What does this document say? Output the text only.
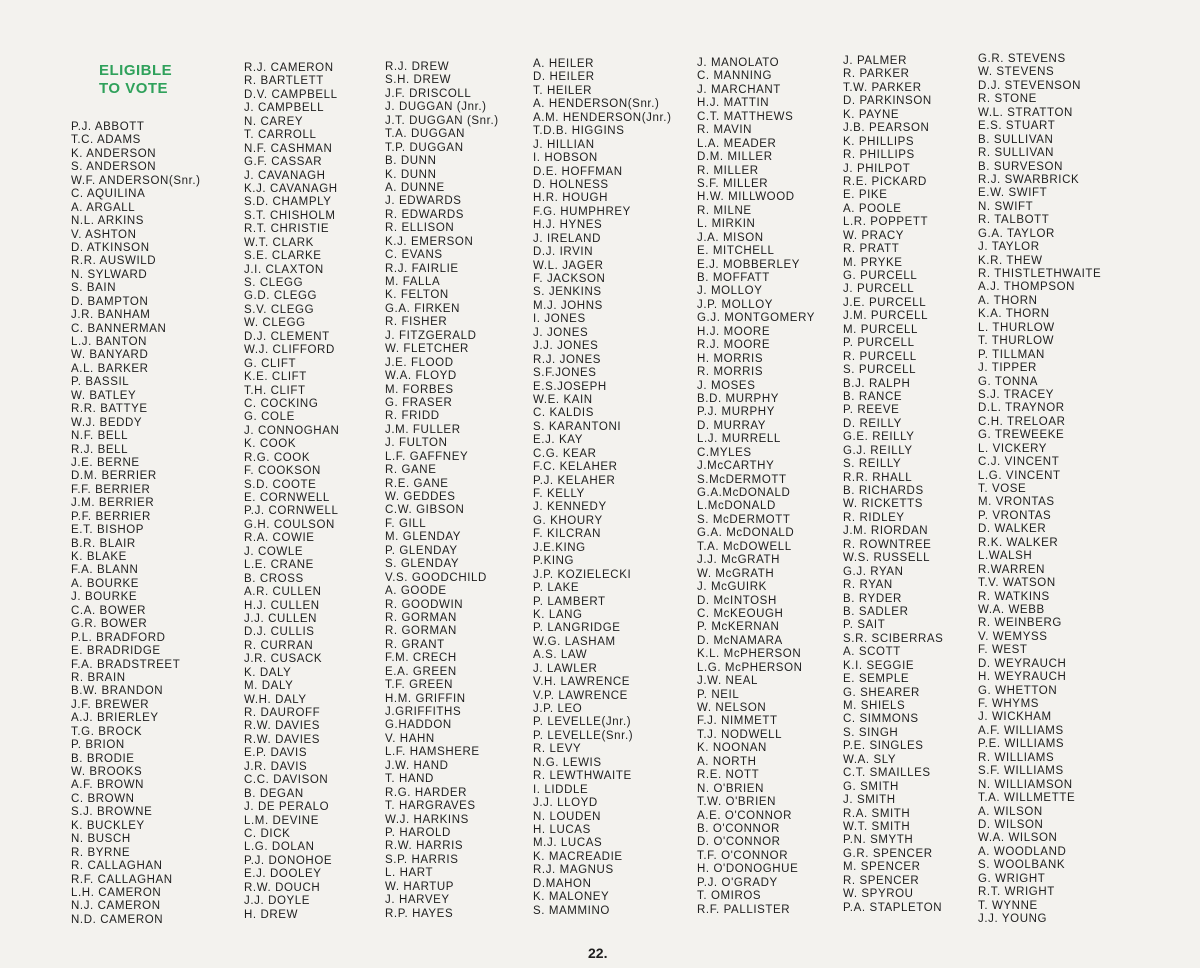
ELIGIBLE
TO VOTE
P.J. ABBOTT
T.C. ADAMS
K. ANDERSON
S. ANDERSON
W.F. ANDERSON(Snr.)
C. AQUILINA
A. ARGALL
N.L. ARKINS
V. ASHTON
D. ATKINSON
R.R. AUSWILD
N. SYLWARD
S. BAIN
D. BAMPTON
J.R. BANHAM
C. BANNERMAN
L.J. BANTON
W. BANYARD
A.L. BARKER
P. BASSIL
W. BATLEY
R.R. BATTYE
W.J. BEDDY
N.F. BELL
R.J. BELL
J.E. BERNE
D.M. BERRIER
F.F. BERRIER
J.M. BERRIER
P.F. BERRIER
E.T. BISHOP
B.R. BLAIR
K. BLAKE
F.A. BLANN
A. BOURKE
J. BOURKE
C.A. BOWER
G.R. BOWER
P.L. BRADFORD
E. BRADRIDGE
F.A. BRADSTREET
R. BRAIN
B.W. BRANDON
J.F. BREWER
A.J. BRIERLEY
T.G. BROCK
P. BRION
B. BRODIE
W. BROOKS
A.F. BROWN
C. BROWN
S.J. BROWNE
K. BUCKLEY
N. BUSCH
R. BYRNE
R. CALLAGHAN
R.F. CALLAGHAN
L.H. CAMERON
N.J. CAMERON
N.D. CAMERON
R.J. CAMERON
R. BARTLETT
D.V. CAMPBELL
J. CAMPBELL
N. CAREY
T. CARROLL
N.F. CASHMAN
G.F. CASSAR
J. CAVANAGH
K.J. CAVANAGH
S.D. CHAMPLY
S.T. CHISHOLM
R.T. CHRISTIE
W.T. CLARK
S.E. CLARKE
J.I. CLAXTON
S. CLEGG
G.D. CLEGG
S.V. CLEGG
W. CLEGG
D.J. CLEMENT
W.J. CLIFFORD
G. CLIFT
K.E. CLIFT
T.H. CLIFT
C. COCKING
G. COLE
J. CONNOGHAN
K. COOK
R.G. COOK
F. COOKSON
S.D. COOTE
E. CORNWELL
P.J. CORNWELL
G.H. COULSON
R.A. COWIE
J. COWLE
L.E. CRANE
B. CROSS
A.R. CULLEN
H.J. CULLEN
J.J. CULLEN
D.J. CULLIS
R. CURRAN
J.R. CUSACK
K. DALY
M. DALY
W.H. DALY
R. DAUROFF
R.W. DAVIES
R.W. DAVIES
E.P. DAVIS
J.R. DAVIS
C.C. DAVISON
B. DEGAN
J. DE PERALO
L.M. DEVINE
C. DICK
L.G. DOLAN
P.J. DONOHOE
E.J. DOOLEY
R.W. DOUCH
J.J. DOYLE
H. DREW
R.J. DREW
S.H. DREW
J.F. DRISCOLL
J. DUGGAN (Jnr.)
J.T. DUGGAN (Snr.)
T.A. DUGGAN
T.P. DUGGAN
B. DUNN
K. DUNN
A. DUNNE
J. EDWARDS
R. EDWARDS
R. ELLISON
K.J. EMERSON
C. EVANS
R.J. FAIRLIE
M. FALLA
K. FELTON
G.A. FIRKEN
R. FISHER
J. FITZGERALD
W. FLETCHER
J.E. FLOOD
W.A. FLOYD
M. FORBES
G. FRASER
R. FRIDD
J.M. FULLER
J. FULTON
L.F. GAFFNEY
R. GANE
R.E. GANE
W. GEDDES
C.W. GIBSON
F. GILL
M. GLENDAY
P. GLENDAY
S. GLENDAY
V.S. GOODCHILD
A. GOODE
R. GOODWIN
R. GORMAN
R. GORMAN
R. GRANT
F.M. CRECH
E.A. GREEN
T.F. GREEN
H.M. GRIFFIN
J.GRIFFITHS
G.HADDON
V. HAHN
L.F. HAMSHERE
J.W. HAND
T. HAND
R.G. HARDER
T. HARGRAVES
W.J. HARKINS
P. HAROLD
R.W. HARRIS
S.P. HARRIS
L. HART
W. HARTUP
J. HARVEY
R.P. HAYES
A. HEILER
D. HEILER
T. HEILER
A. HENDERSON(Snr.)
A.M. HENDERSON(Jnr.)
T.D.B. HIGGINS
J. HILLIAN
I. HOBSON
D.E. HOFFMAN
D. HOLNESS
H.R. HOUGH
F.G. HUMPHREY
H.J. HYNES
J. IRELAND
D.J. IRVIN
W.L. JAGER
F. JACKSON
S. JENKINS
M.J. JOHNS
I. JONES
J. JONES
J.J. JONES
R.J. JONES
S.F.JONES
E.S.JOSEPH
W.E. KAIN
C. KALDIS
S. KARANTONI
E.J. KAY
C.G. KEAR
F.C. KELAHER
P.J. KELAHER
F. KELLY
J. KENNEDY
G. KHOURY
F. KILCRAN
J.E.KING
P.KING
J.P. KOZIELECKI
P. LAKE
P. LAMBERT
K. LANG
P. LANGRIDGE
W.G. LASHAM
A.S. LAW
J. LAWLER
V.H. LAWRENCE
V.P. LAWRENCE
J.P. LEO
P. LEVELLE(Jnr.)
P. LEVELLE(Snr.)
R. LEVY
N.G. LEWIS
R. LEWTHWAITE
I. LIDDLE
J.J. LLOYD
N. LOUDEN
H. LUCAS
M.J. LUCAS
K. MACREADIE
R.J. MAGNUS
D.MAHON
K. MALONEY
S. MAMMINO
J. MANOLATO
C. MANNING
J. MARCHANT
H.J. MATTIN
C.T. MATTHEWS
R. MAVIN
L.A. MEADER
D.M. MILLER
R. MILLER
S.F. MILLER
H.W. MILLWOOD
R. MILNE
L. MIRKIN
J.A. MISON
E. MITCHELL
E.J. MOBBERLEY
B. MOFFATT
J. MOLLOY
J.P. MOLLOY
G.J. MONTGOMERY
H.J. MOORE
R.J. MOORE
H. MORRIS
R. MORRIS
J. MOSES
B.D. MURPHY
P.J. MURPHY
D. MURRAY
L.J. MURRELL
C.MYLES
J.McCARTHY
S.McDERMOTT
G.A.McDONALD
L.McDONALD
S. McDERMOTT
G.A. McDONALD
T.A. McDOWELL
J.J. McGRATH
W. McGRATH
J. McGUIRK
D. McINTOSH
C. McKEOUGH
P. McKERNAN
D. McNAMARA
K.L. McPHERSON
L.G. McPHERSON
J.W. NEAL
P. NEIL
W. NELSON
F.J. NIMMETT
T.J. NODWELL
K. NOONAN
A. NORTH
R.E. NOTT
N. O'BRIEN
T.W. O'BRIEN
A.E. O'CONNOR
B. O'CONNOR
D. O'CONNOR
T.F. O'CONNOR
H. O'DONOGHUE
P.J. O'GRADY
T. OMIROS
R.F. PALLISTER
J. PALMER
R. PARKER
T.W. PARKER
D. PARKINSON
K. PAYNE
J.B. PEARSON
K. PHILLIPS
R. PHILLIPS
J. PHILPOT
R.E. PICKARD
E. PIKE
A. POOLE
L.R. POPPETT
W. PRACY
R. PRATT
M. PRYKE
G. PURCELL
J. PURCELL
J.E. PURCELL
J.M. PURCELL
M. PURCELL
P. PURCELL
R. PURCELL
S. PURCELL
B.J. RALPH
B. RANCE
P. REEVE
D. REILLY
G.E. REILLY
G.J. REILLY
S. REILLY
R.R. RHALL
B. RICHARDS
W. RICKETTS
R. RIDLEY
J.M. RIORDAN
R. ROWNTREE
W.S. RUSSELL
G.J. RYAN
R. RYAN
B. RYDER
B. SADLER
P. SAIT
S.R. SCIBERRAS
A. SCOTT
K.I. SEGGIE
E. SEMPLE
G. SHEARER
M. SHIELS
C. SIMMONS
S. SINGH
P.E. SINGLES
W.A. SLY
C.T. SMAILLES
G. SMITH
J. SMITH
R.A. SMITH
W.T. SMITH
P.N. SMYTH
G.R. SPENCER
M. SPENCER
R. SPENCER
W. SPYROU
P.A. STAPLETON
G.R. STEVENS
W. STEVENS
D.J. STEVENSON
R. STONE
W.L. STRATTON
E.S. STUART
B. SULLIVAN
R. SULLIVAN
B. SURVESON
R.J. SWARBRICK
E.W. SWIFT
N. SWIFT
R. TALBOTT
G.A. TAYLOR
J. TAYLOR
K.R. THEW
R. THISTLETHWAITE
A.J. THOMPSON
A. THORN
K.A. THORN
L. THURLOW
T. THURLOW
P. TILLMAN
J. TIPPER
G. TONNA
S.J. TRACEY
D.L. TRAYNOR
C.H. TRELOAR
G. TREWEEKE
L. VICKERY
C.J. VINCENT
L.G. VINCENT
T. VOSE
M. VRONTAS
P. VRONTAS
D. WALKER
R.K. WALKER
L.WALSH
R.WARREN
T.V. WATSON
R. WATKINS
W.A. WEBB
R. WEINBERG
V. WEMYSS
F. WEST
D. WEYRAUCH
H. WEYRAUCH
G. WHETTON
F. WHYMS
J. WICKHAM
A.F. WILLIAMS
P.E. WILLIAMS
R. WILLIAMS
S.F. WILLIAMS
N. WILLIAMSON
T.A. WILLMETTE
A. WILSON
D. WILSON
W.A. WILSON
A. WOODLAND
S. WOOLBANK
G. WRIGHT
R.T. WRIGHT
T. WYNNE
J.J. YOUNG
22.
